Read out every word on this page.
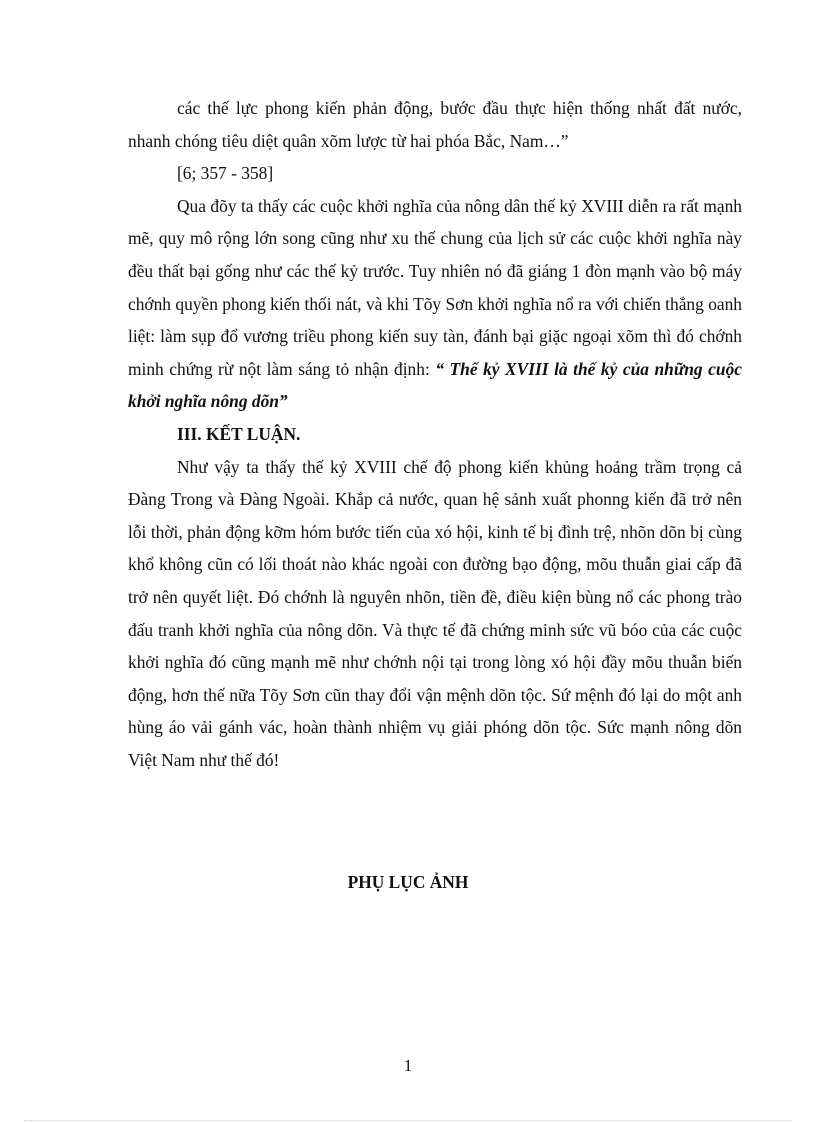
các thế lực phong kiến phản động, bước đầu thực hiện thống nhất đất nước, nhanh chóng tiêu diệt quân xõm lược từ hai phóa Bắc, Nam…”

[6; 357 - 358]

Qua đõy ta thấy các cuộc khởi nghĩa của nông dân thế kỷ XVIII diễn ra rất mạnh mẽ, quy mô rộng lớn song cũng như xu thế chung của lịch sử các cuộc khởi nghĩa này đều thất bại gống như các thế kỷ trước. Tuy nhiên nó đã giáng 1 đòn mạnh vào bộ máy chớnh quyền phong kiến thối nát, và khi Tõy Sơn khởi nghĩa nổ ra với chiến thắng oanh liệt: làm sụp đổ vương triều phong kiến suy tàn, đánh bại giặc ngoại xõm thì đó chớnh minh chứng rừ nột làm sáng tỏ nhận định: “ Thế kỷ XVIII là thế kỷ của những cuộc khởi nghĩa nông dõn”

III. KẾT LUẬN.

Như vậy ta thấy thế kỷ XVIII chế độ phong kiến khủng hoảng trầm trọng cả Đàng Trong và Đàng Ngoài. Khắp cả nước, quan hệ sảnh xuất phonng kiến đã trở nên lỗi thời, phản động kỡm hóm bước tiến của xó hội, kinh tế bị đình trệ, nhõn dõn bị cùng khổ không cũn có lối thoát nào khác ngoài con đường bạo động, mõu thuẫn giai cấp đã trở nên quyết liệt. Đó chớnh là nguyên nhõn, tiền đề, điều kiện bùng nổ các phong trào đấu tranh khởi nghĩa của nông dõn. Và thực tế đã chứng minh sức vũ bóo của các cuộc khởi nghĩa đó cũng mạnh mẽ như chớnh nội tại trong lòng xó hội đầy mõu thuẫn biến động, hơn thế nữa Tõy Sơn cũn thay đổi vận mệnh dõn tộc. Sứ mệnh đó lại do một anh hùng áo vải gánh vác, hoàn thành nhiệm vụ giải phóng dõn tộc. Sức mạnh nông dõn Việt Nam như thế đó!

PHỤ LỤC ẢNH

1
